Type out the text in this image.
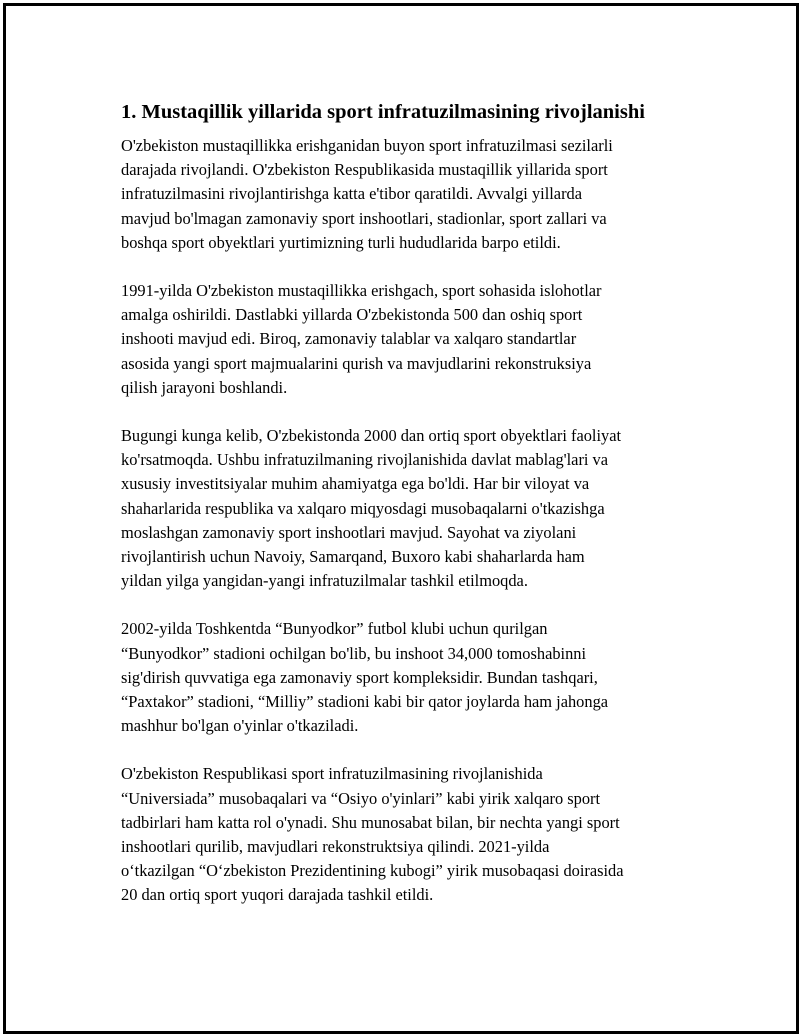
1. Mustaqillik yillarida sport infratuzilmasining rivojlanishi

O'zbekiston mustaqillikka erishganidan buyon sport infratuzilmasi sezilarli
darajada rivojlandi. O'zbekiston Respublikasida mustaqillik yillarida sport
infratuzilmasini rivojlantirishga katta e'tibor qaratildi. Avvalgi yillarda
mavjud bo'lmagan zamonaviy sport inshootlari, stadionlar, sport zallari va
boshqa sport obyektlari yurtimizning turli hududlarida barpo etildi.

1991-yilda O'zbekiston mustaqillikka erishgach, sport sohasida islohotlar
amalga oshirildi. Dastlabki yillarda O'zbekistonda 500 dan oshiq sport
inshooti mavjud edi. Biroq, zamonaviy talablar va xalqaro standartlar
asosida yangi sport majmualarini qurish va mavjudlarini rekonstruksiya
qilish jarayoni boshlandi.

Bugungi kunga kelib, O'zbekistonda 2000 dan ortiq sport obyektlari faoliyat
ko'rsatmoqda. Ushbu infratuzilmaning rivojlanishida davlat mablag'lari va
xususiy investitsiyalar muhim ahamiyatga ega bo'ldi. Har bir viloyat va
shaharlarida respublika va xalqaro miqyosdagi musobaqalarni o'tkazishga
moslashgan zamonaviy sport inshootlari mavjud. Sayohat va ziyolani
rivojlantirish uchun Navoiy, Samarqand, Buxoro kabi shaharlarda ham
yildan yilga yangidan-yangi infratuzilmalar tashkil etilmoqda.

2002-yilda Toshkentda “Bunyodkor” futbol klubi uchun qurilgan
“Bunyodkor” stadioni ochilgan bo'lib, bu inshoot 34,000 tomoshabinni
sig'dirish quvvatiga ega zamonaviy sport kompleksidir. Bundan tashqari,
“Paxtakor” stadioni, “Milliy” stadioni kabi bir qator joylarda ham jahonga
mashhur bo'lgan o'yinlar o'tkaziladi.

O'zbekiston Respublikasi sport infratuzilmasining rivojlanishida
“Universiada” musobaqalari va “Osiyo o'yinlari” kabi yirik xalqaro sport
tadbirlari ham katta rol o'ynadi. Shu munosabat bilan, bir nechta yangi sport
inshootlari qurilib, mavjudlari rekonstruktsiya qilindi. 2021-yilda
o‘tkazilgan “O‘zbekiston Prezidentining kubogi” yirik musobaqasi doirasida
20 dan ortiq sport yuqori darajada tashkil etildi.
